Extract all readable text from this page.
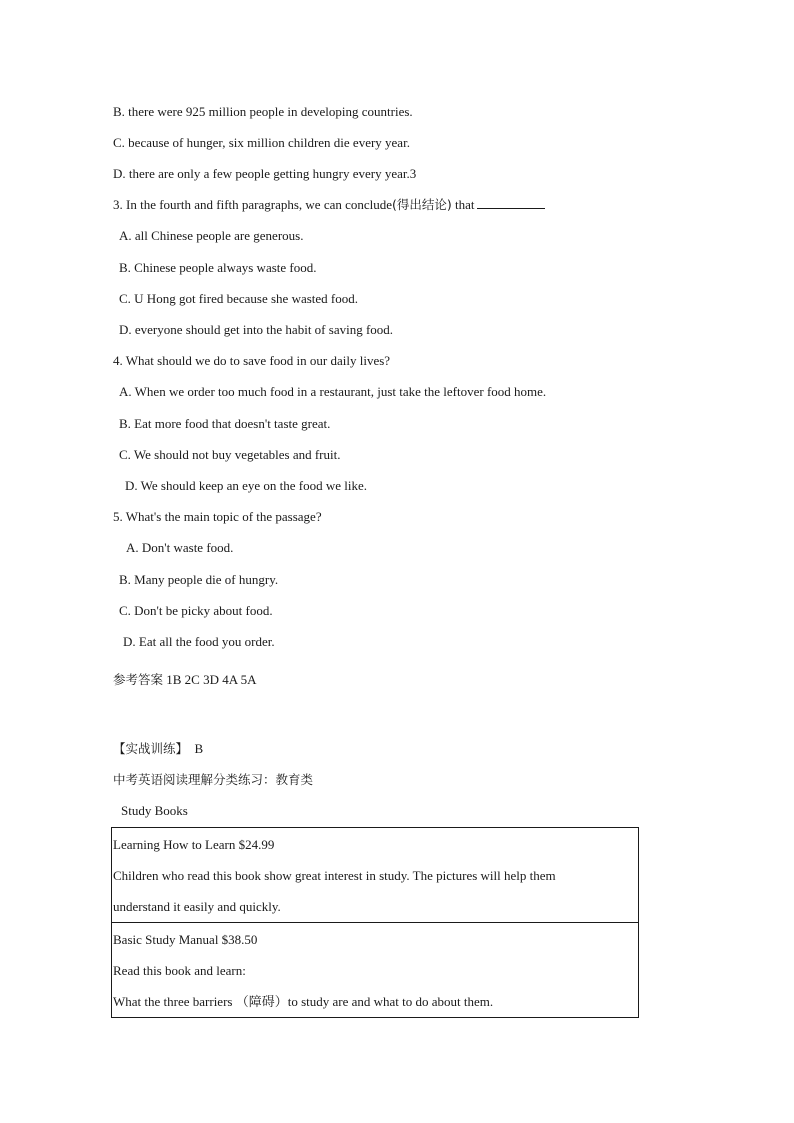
B. there were 925 million people in developing countries.
C. because of hunger, six million children die every year.
D. there are only a few people getting hungry every year.3
3. In the fourth and fifth paragraphs, we can conclude(得出结论) that
A. all Chinese people are generous.
B. Chinese people always waste food.
C. U Hong got fired because she wasted food.
D. everyone should get into the habit of saving food.
4. What should we do to save food in our daily lives?
A. When we order too much food in a restaurant, just take the leftover food home.
B. Eat more food that doesn't taste great.
C. We should not buy vegetables and fruit.
D. We should keep an eye on the food we like.
5. What's the main topic of the passage?
A. Don't waste food.
B. Many people die of hungry.
C. Don't be picky about food.
D. Eat all the food you order.
参考答案 1B 2C 3D 4A 5A
【实战训练】  B
中考英语阅读理解分类练习：教育类
Study Books
Learning How to Learn $24.99
Children who read this book show great interest in study. The pictures will help them
understand it easily and quickly.

Basic Study Manual $38.50
Read this book and learn:
What the three barriers （障碍）to study are and what to do about them.
